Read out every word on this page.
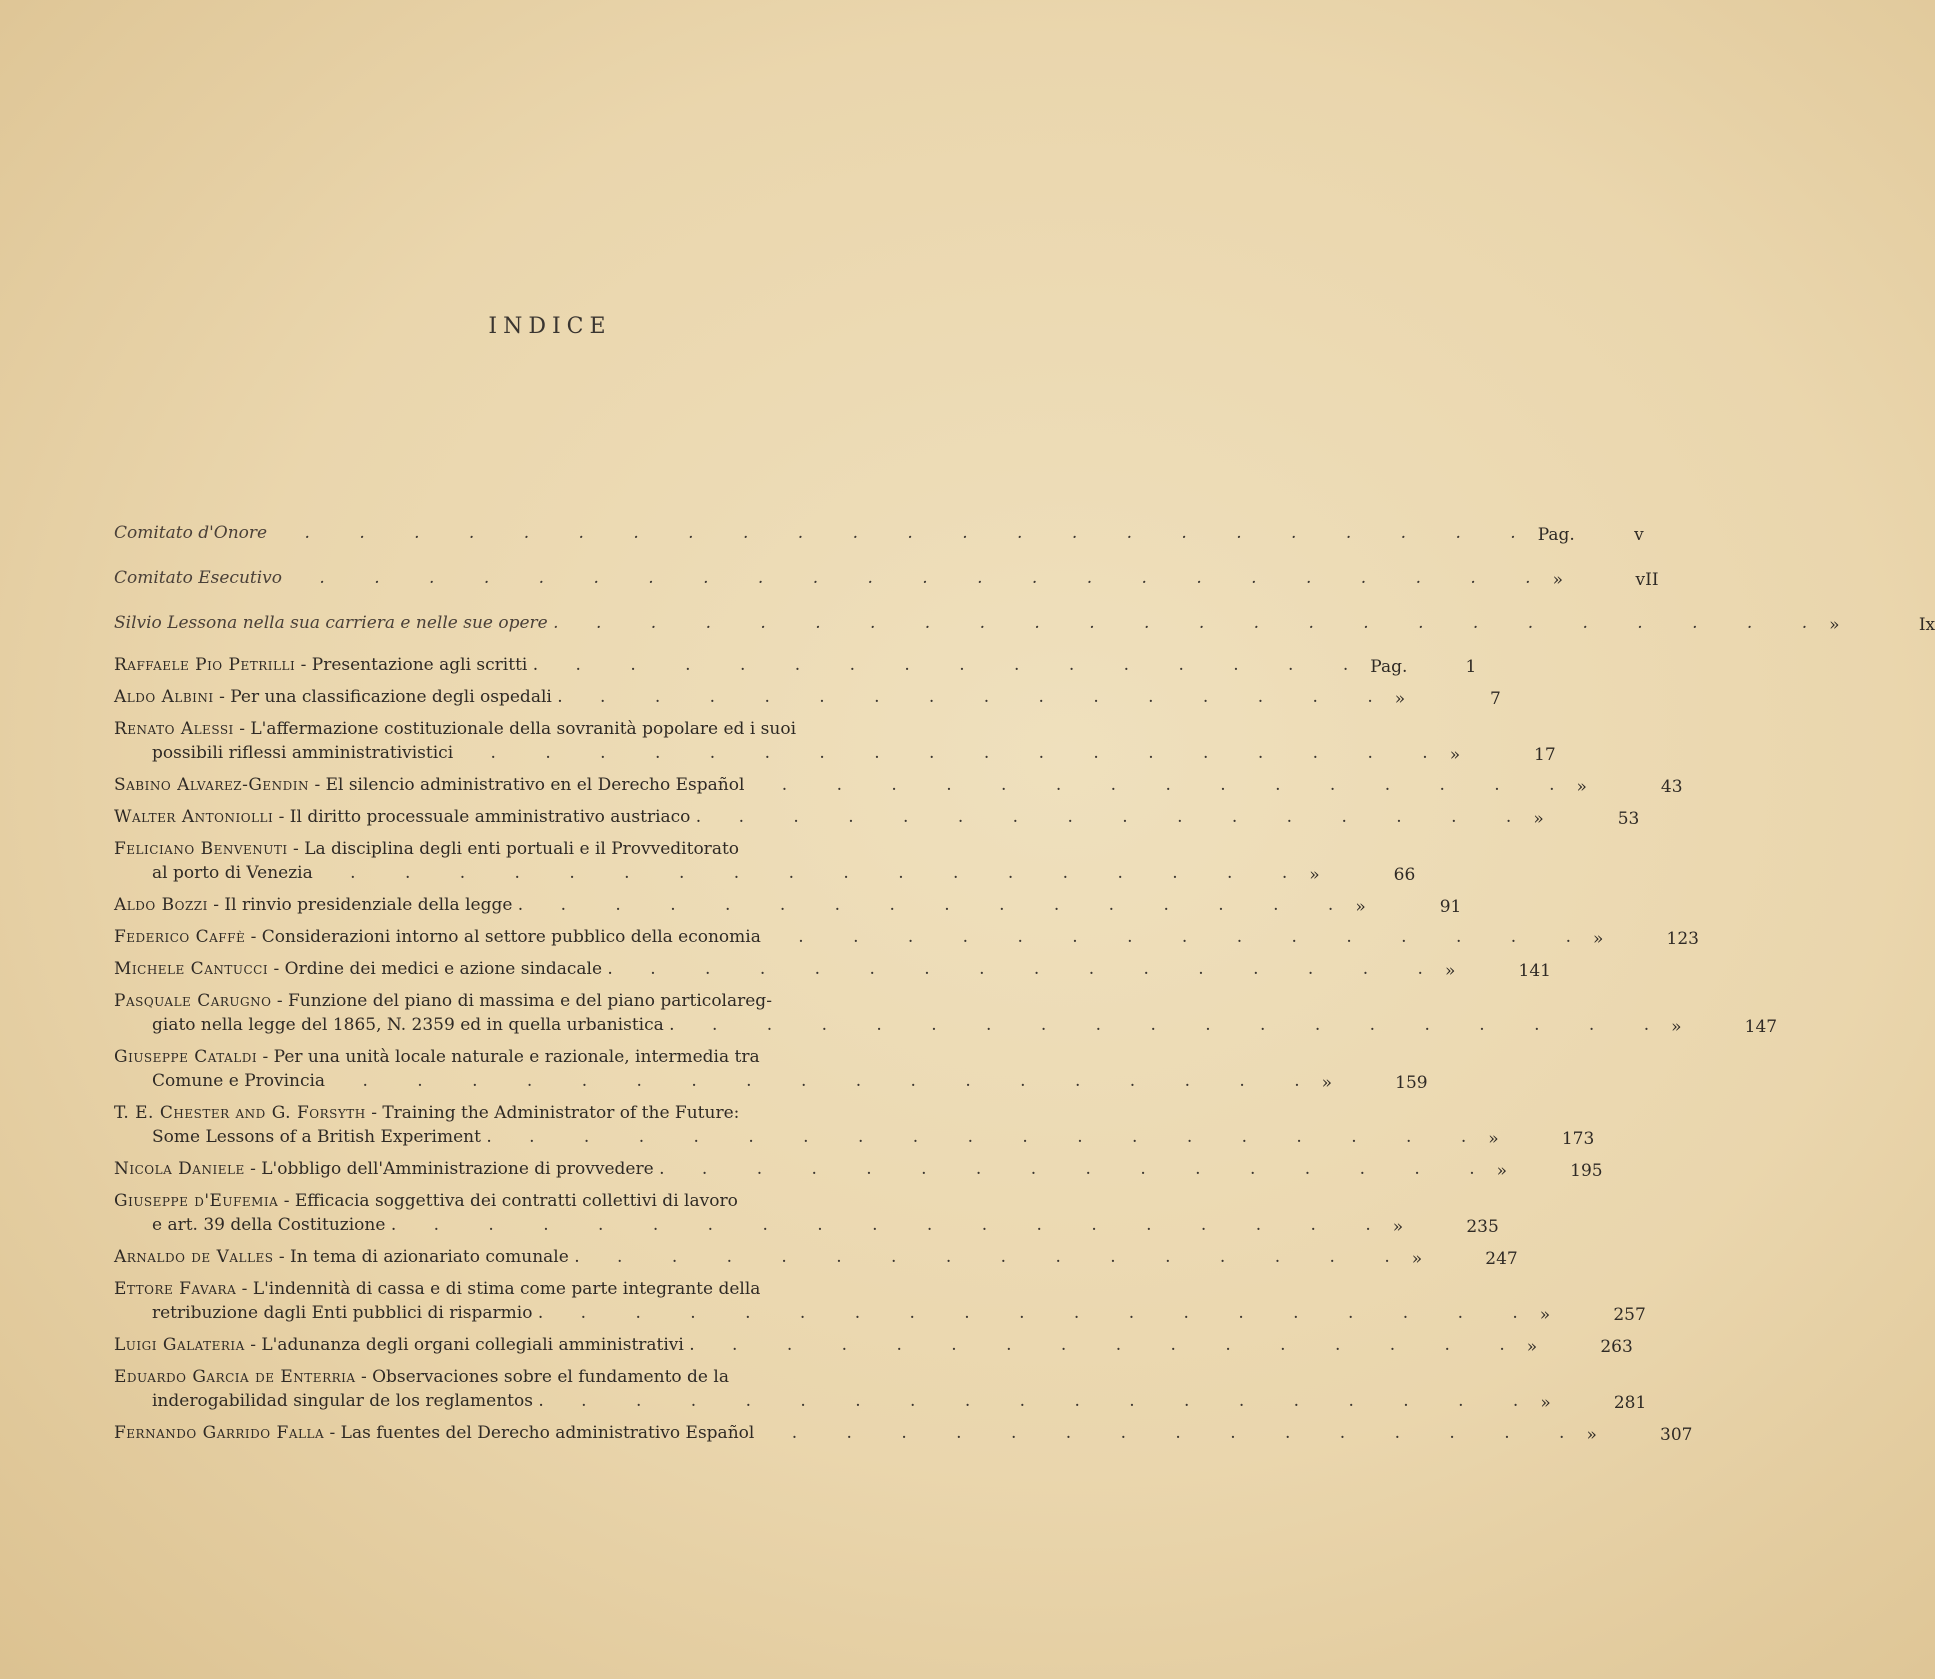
INDICE
Comitato d'Onore . . . . . . . . . . . . . . . . . . . . . . . Pag.	v
Comitato Esecutivo . . . . . . . . . . . . . . . . . . . . . . . »	vII
Silvio Lessona nella sua carriera e nelle sue opere . . . . . . . . . . . . . . . . . . . . . . . . »	Ix
Raffaele Pio Petrilli - Presentazione agli scritti . . . . . . . . . . . . . . . . Pag.	1
Aldo Albini - Per una classificazione degli ospedali . . . . . . . . . . . . . . . . »	7
Renato Alessi - L'affermazione costituzionale della sovranità popolare ed i suoi
possibili riflessi amministrativistici . . . . . . . . . . . . . . . . . . »	17
Sabino Alvarez-Gendin - El silencio administrativo en el Derecho Español . . . . . . . . . . . . . . . »	43
Walter Antoniolli - Il diritto processuale amministrativo austriaco . . . . . . . . . . . . . . . . »	53
Feliciano Benvenuti - La disciplina degli enti portuali e il Provveditorato
al porto di Venezia . . . . . . . . . . . . . . . . . . »	66
Aldo Bozzi - Il rinvio presidenziale della legge . . . . . . . . . . . . . . . . »	91
Federico Caffè - Considerazioni intorno al settore pubblico della economia . . . . . . . . . . . . . . . »	123
Michele Cantucci - Ordine dei medici e azione sindacale . . . . . . . . . . . . . . . . »	141
Pasquale Carugno - Funzione del piano di massima e del piano particolareg-
giato nella legge del 1865, N. 2359 ed in quella urbanistica . . . . . . . . . . . . . . . . . . . »	147
Giuseppe Cataldi - Per una unità locale naturale e razionale, intermedia tra
Comune e Provincia . . . . . . . . . . . . . . . . . . »	159
T. E. Chester and G. Forsyth - Training the Administrator of the Future:
Some Lessons of a British Experiment . . . . . . . . . . . . . . . . . . . »	173
Nicola Daniele - L'obbligo dell'Amministrazione di provvedere . . . . . . . . . . . . . . . . »	195
Giuseppe d'Eufemia - Efficacia soggettiva dei contratti collettivi di lavoro
e art. 39 della Costituzione . . . . . . . . . . . . . . . . . . . »	235
Arnaldo de Valles - In tema di azionariato comunale . . . . . . . . . . . . . . . . »	247
Ettore Favara - L'indennità di cassa e di stima come parte integrante della
retribuzione dagli Enti pubblici di risparmio . . . . . . . . . . . . . . . . . . . »	257
Luigi Galateria - L'adunanza degli organi collegiali amministrativi . . . . . . . . . . . . . . . . »	263
Eduardo Garcia de Enterria - Observaciones sobre el fundamento de la
inderogabilidad singular de los reglamentos . . . . . . . . . . . . . . . . . . . »	281
Fernando Garrido Falla - Las fuentes del Derecho administrativo Español . . . . . . . . . . . . . . . »	307
